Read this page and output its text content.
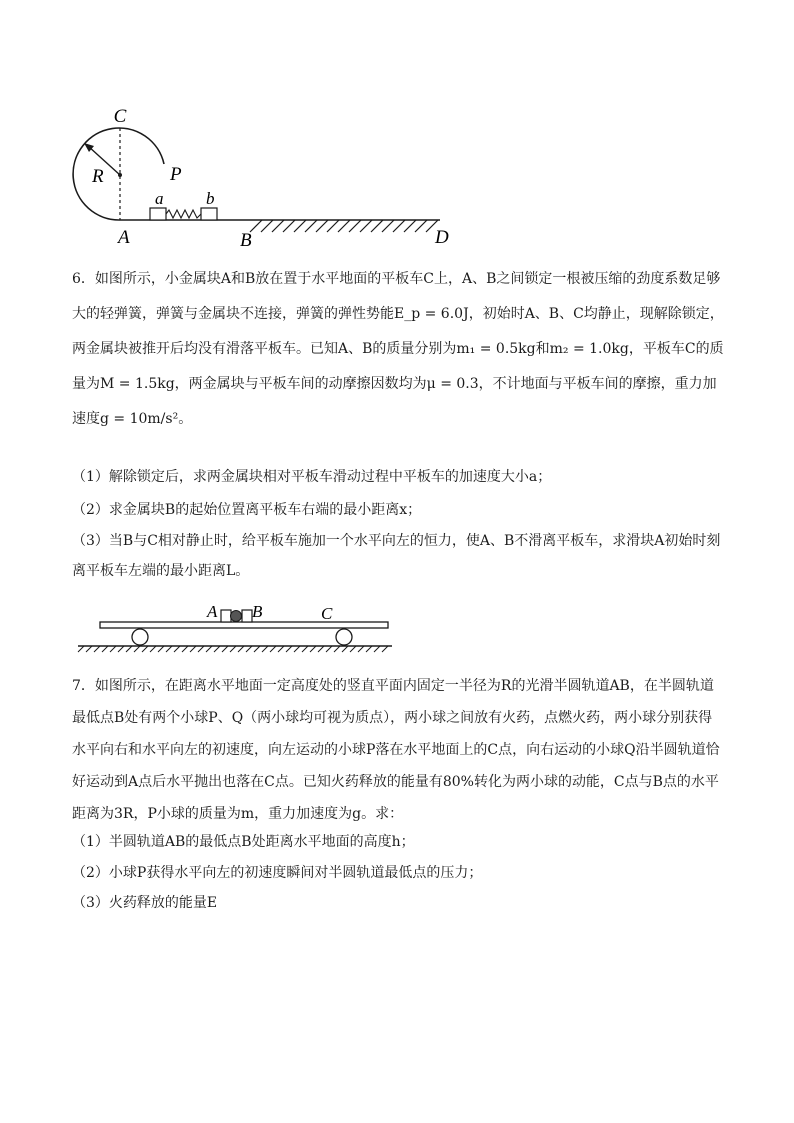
C
R	P
a	b
A	B	D
6．如图所示，小金属块A和B放在置于水平地面的平板车C上，A、B之间锁定一根被压缩的劲度系数足够大的轻弹簧，弹簧与金属块不连接，弹簧的弹性势能E_p = 6.0J，初始时A、B、C均静止，现解除锁定，两金属块被推开后均没有滑落平板车。已知A、B的质量分别为m₁ = 0.5kg和m₂ = 1.0kg，平板车C的质量为M = 1.5kg，两金属块与平板车间的动摩擦因数均为μ = 0.3，不计地面与平板车间的摩擦，重力加速度g = 10m/s²。
（1）解除锁定后，求两金属块相对平板车滑动过程中平板车的加速度大小a；
（2）求金属块B的起始位置离平板车右端的最小距离x；
（3）当B与C相对静止时，给平板车施加一个水平向左的恒力，使A、B不滑离平板车，求滑块A初始时刻离平板车左端的最小距离L。
A B	C
7．如图所示，在距离水平地面一定高度处的竖直平面内固定一半径为R的光滑半圆轨道AB，在半圆轨道最低点B处有两个小球P、Q（两小球均可视为质点），两小球之间放有火药，点燃火药，两小球分别获得水平向右和水平向左的初速度，向左运动的小球P落在水平地面上的C点，向右运动的小球Q沿半圆轨道恰好运动到A点后水平抛出也落在C点。已知火药释放的能量有80%转化为两小球的动能，C点与B点的水平距离为3R，P小球的质量为m，重力加速度为g。求：
（1）半圆轨道AB的最低点B处距离水平地面的高度h；
（2）小球P获得水平向左的初速度瞬间对半圆轨道最低点的压力；
（3）火药释放的能量E
